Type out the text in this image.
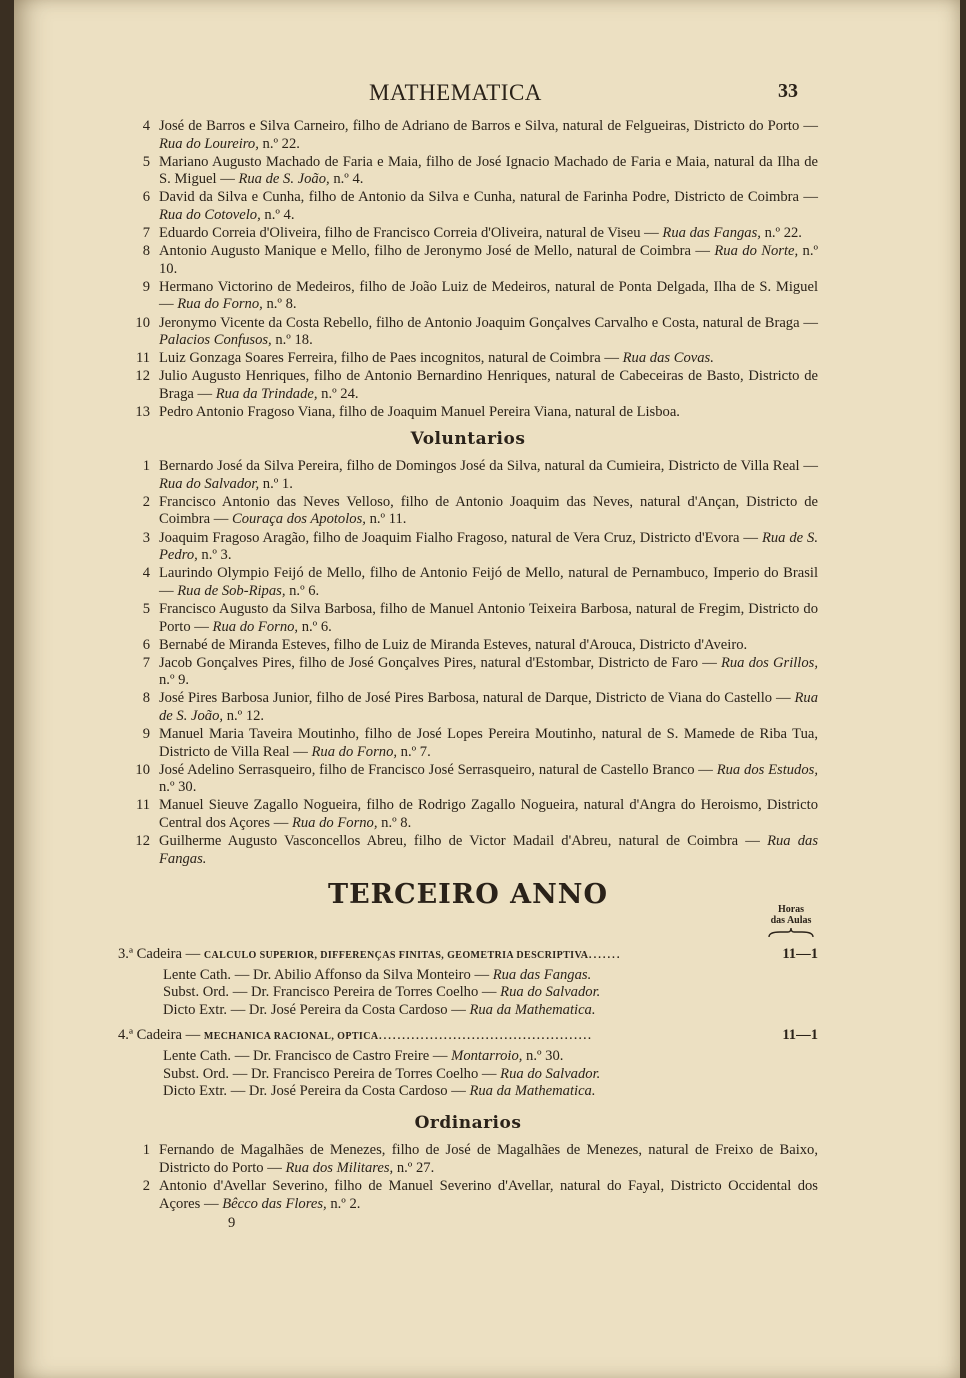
MATHEMATICA	33

4 José de Barros e Silva Carneiro, filho de Adriano de Barros e Silva, natural de Felgueiras, Districto do Porto — Rua do Loureiro, n.º 22.

5 Mariano Augusto Machado de Faria e Maia, filho de José Ignacio Machado de Faria e Maia, natural da Ilha de S. Miguel — Rua de S. João, n.º 4.

6 David da Silva e Cunha, filho de Antonio da Silva e Cunha, natural de Farinha Podre, Districto de Coimbra — Rua do Cotovelo, n.º 4.

7 Eduardo Correia d'Oliveira, filho de Francisco Correia d'Oliveira, natural de Viseu — Rua das Fangas, n.º 22.

8 Antonio Augusto Manique e Mello, filho de Jeronymo José de Mello, natural de Coimbra — Rua do Norte, n.º 10.

9 Hermano Victorino de Medeiros, filho de João Luiz de Medeiros, natural de Ponta Delgada, Ilha de S. Miguel — Rua do Forno, n.º 8.

10 Jeronymo Vicente da Costa Rebello, filho de Antonio Joaquim Gonçalves Carvalho e Costa, natural de Braga — Palacios Confusos, n.º 18.

11 Luiz Gonzaga Soares Ferreira, filho de Paes incognitos, natural de Coimbra — Rua das Covas.

12 Julio Augusto Henriques, filho de Antonio Bernardino Henriques, natural de Cabeceiras de Basto, Districto de Braga — Rua da Trindade, n.º 24.

13 Pedro Antonio Fragoso Viana, filho de Joaquim Manuel Pereira Viana, natural de Lisboa.

Voluntarios

1 Bernardo José da Silva Pereira, filho de Domingos José da Silva, natural da Cumieira, Districto de Villa Real — Rua do Salvador, n.º 1.

2 Francisco Antonio das Neves Velloso, filho de Antonio Joaquim das Neves, natural d'Ançan, Districto de Coimbra — Couraça dos Apotolos, n.º 11.

3 Joaquim Fragoso Aragão, filho de Joaquim Fialho Fragoso, natural de Vera Cruz, Districto d'Evora — Rua de S. Pedro, n.º 3.

4 Laurindo Olympio Feijó de Mello, filho de Antonio Feijó de Mello, natural de Pernambuco, Imperio do Brasil — Rua de Sob-Ripas, n.º 6.

5 Francisco Augusto da Silva Barbosa, filho de Manuel Antonio Teixeira Barbosa, natural de Fregim, Districto do Porto — Rua do Forno, n.º 6.

6 Bernabé de Miranda Esteves, filho de Luiz de Miranda Esteves, natural d'Arouca, Districto d'Aveiro.

7 Jacob Gonçalves Pires, filho de José Gonçalves Pires, natural d'Estombar, Districto de Faro — Rua dos Grillos, n.º 9.

8 José Pires Barbosa Junior, filho de José Pires Barbosa, natural de Darque, Districto de Viana do Castello — Rua de S. João, n.º 12.

9 Manuel Maria Taveira Moutinho, filho de José Lopes Pereira Moutinho, natural de S. Mamede de Riba Tua, Districto de Villa Real — Rua do Forno, n.º 7.

10 José Adelino Serrasqueiro, filho de Francisco José Serrasqueiro, natural de Castello Branco — Rua dos Estudos, n.º 30.

11 Manuel Sieuve Zagallo Nogueira, filho de Rodrigo Zagallo Nogueira, natural d'Angra do Heroismo, Districto Central dos Açores — Rua do Forno, n.º 8.

12 Guilherme Augusto Vasconcellos Abreu, filho de Victor Madail d'Abreu, natural de Coimbra — Rua das Fangas.

TERCEIRO ANNO	Horas
das Aulas
3.ª Cadeira — CALCULO SUPERIOR, DIFFERENÇAS FINITAS, GEOMETRIA DESCRIPTIVA.......	11—1
Lente Cath. — Dr. Abilio Affonso da Silva Monteiro — Rua das Fangas.
Subst. Ord. — Dr. Francisco Pereira de Torres Coelho — Rua do Salvador.
Dicto Extr. — Dr. José Pereira da Costa Cardoso — Rua da Mathematica.
4.ª Cadeira — MECHANICA RACIONAL, OPTICA..............................................	11—1
Lente Cath. — Dr. Francisco de Castro Freire — Montarroio, n.º 30.
Subst. Ord. — Dr. Francisco Pereira de Torres Coelho — Rua do Salvador.
Dicto Extr. — Dr. José Pereira da Costa Cardoso — Rua da Mathematica.
Ordinarios

1 Fernando de Magalhães de Menezes, filho de José de Magalhães de Menezes, natural de Freixo de Baixo, Districto do Porto — Rua dos Militares, n.º 27.

2 Antonio d'Avellar Severino, filho de Manuel Severino d'Avellar, natural do Fayal, Districto Occidental dos Açores — Bêcco das Flores, n.º 2.

9
